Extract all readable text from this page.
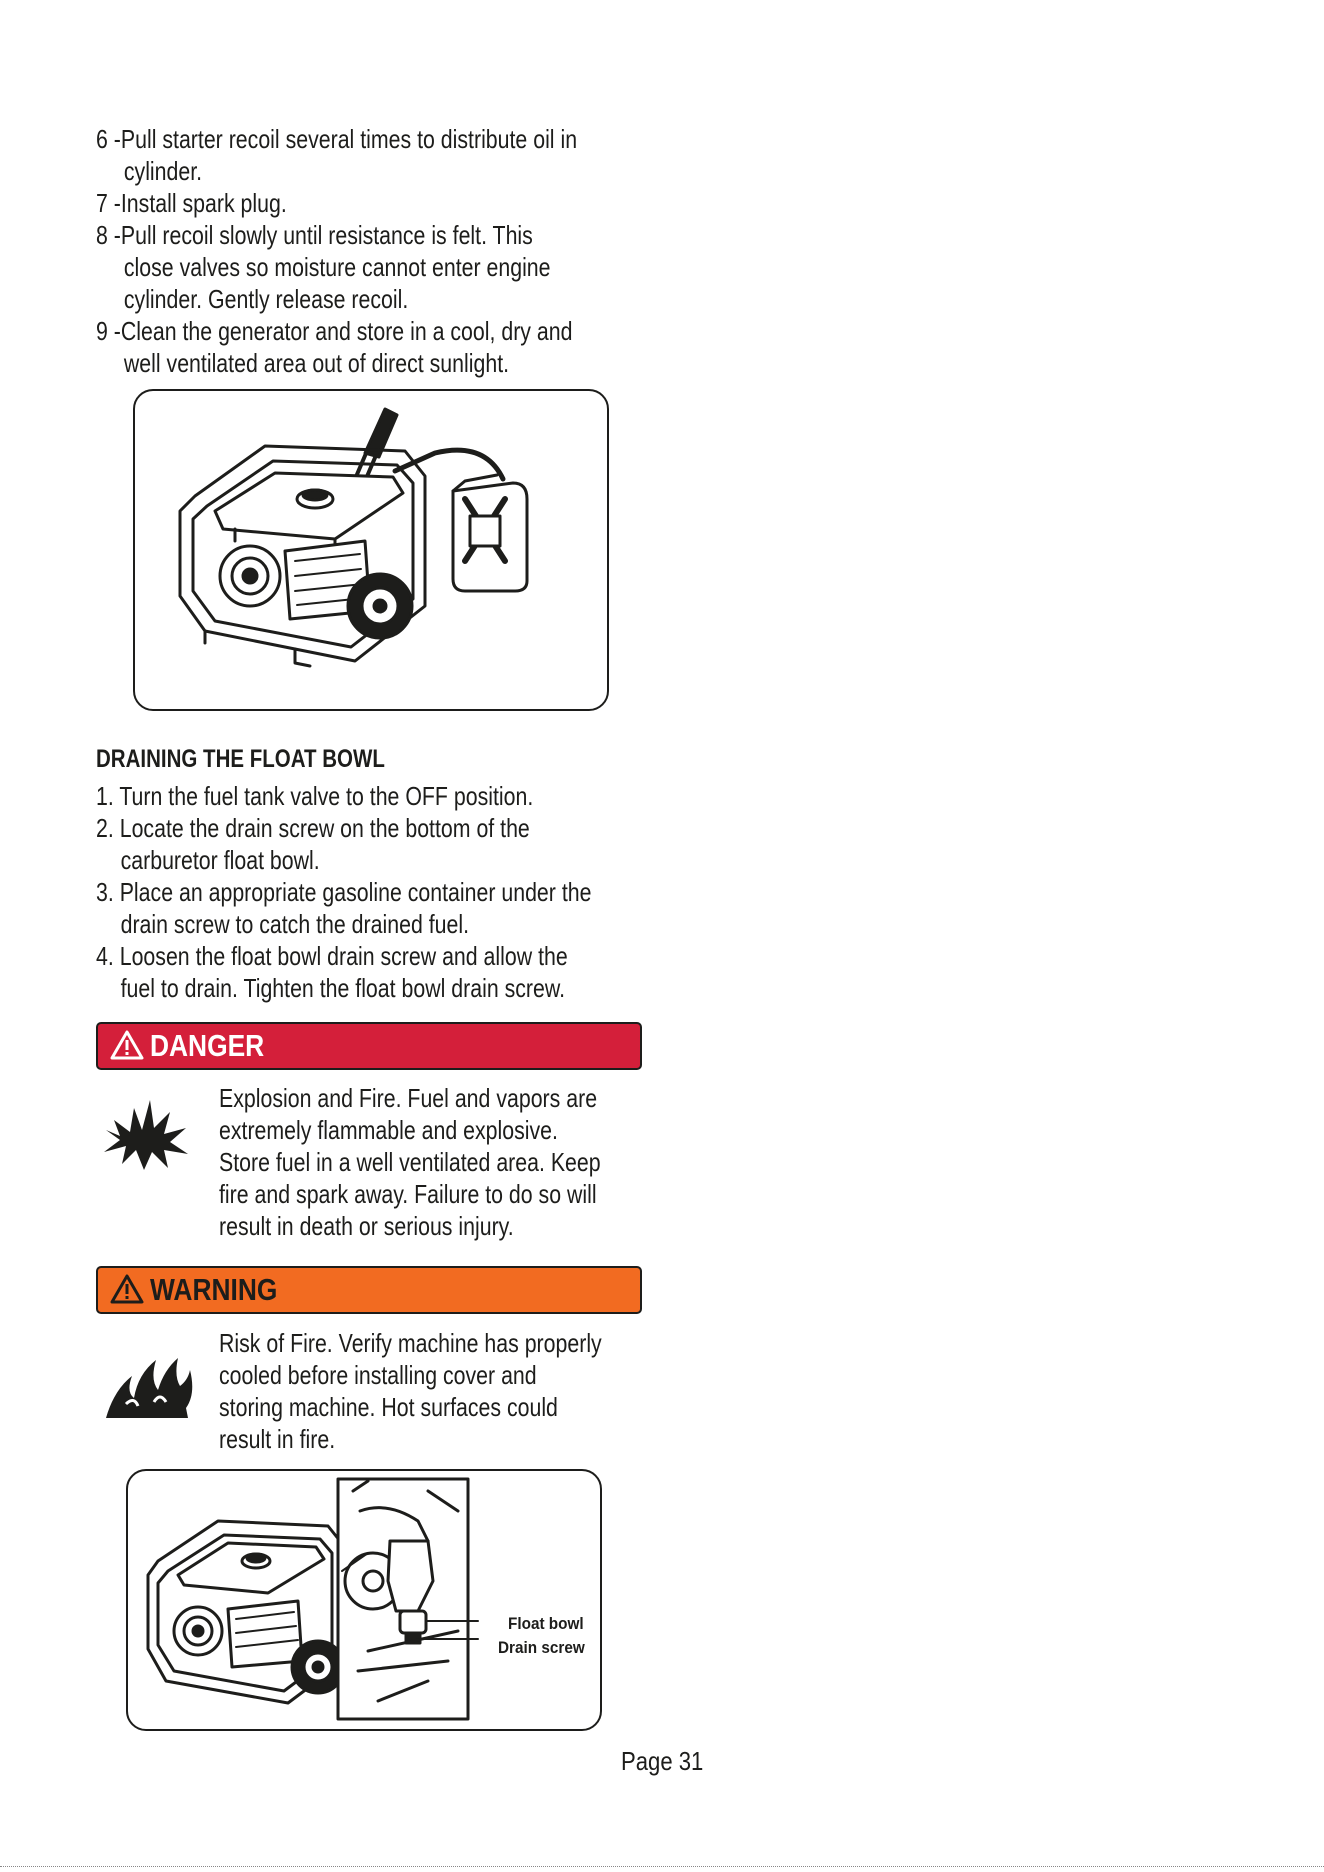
6 -Pull starter recoil several times to distribute oil in
cylinder.
7 -Install spark plug.
8 -Pull recoil slowly until resistance is felt. This
close valves so moisture cannot enter engine
cylinder. Gently release recoil.
9 -Clean the generator and store in a cool, dry and
well ventilated area out of direct sunlight.
DRAINING THE FLOAT BOWL
1. Turn the fuel tank valve to the OFF position.
2. Locate the drain screw on the bottom of the
carburetor float bowl.
3. Place an appropriate gasoline container under the
drain screw to catch the drained fuel.
4. Loosen the float bowl drain screw and allow the
fuel to drain. Tighten the float bowl drain screw.
DANGER
Explosion and Fire. Fuel and vapors are
extremely flammable and explosive.
Store fuel in a well ventilated area. Keep
fire and spark away. Failure to do so will
result in death or serious injury.
WARNING
Risk of Fire. Verify machine has properly
cooled before installing cover and
storing machine. Hot surfaces could
result in fire.
Float bowl
Drain screw
Page 31
